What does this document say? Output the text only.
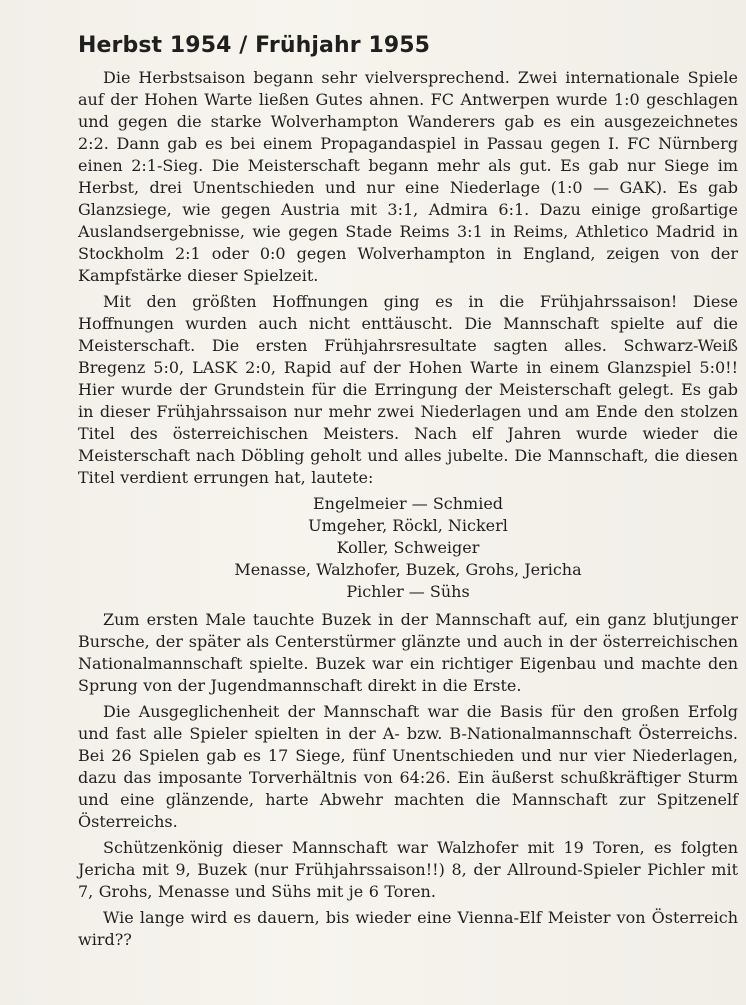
Herbst 1954 / Frühjahr 1955

Die Herbstsaison begann sehr vielversprechend. Zwei internationale Spiele auf der Hohen Warte ließen Gutes ahnen. FC Antwerpen wurde 1:0 geschlagen und gegen die starke Wolverhampton Wanderers gab es ein ausgezeichnetes 2:2. Dann gab es bei einem Propagandaspiel in Passau gegen I. FC Nürnberg einen 2:1-Sieg. Die Meisterschaft begann mehr als gut. Es gab nur Siege im Herbst, drei Unentschieden und nur eine Niederlage (1:0 — GAK). Es gab Glanzsiege, wie gegen Austria mit 3:1, Admira 6:1. Dazu einige großartige Auslandsergebnisse, wie gegen Stade Reims 3:1 in Reims, Athletico Madrid in Stockholm 2:1 oder 0:0 gegen Wolverhampton in England, zeigen von der Kampfstärke dieser Spielzeit.

Mit den größten Hoffnungen ging es in die Frühjahrssaison! Diese Hoffnungen wurden auch nicht enttäuscht. Die Mannschaft spielte auf die Meisterschaft. Die ersten Frühjahrsresultate sagten alles. Schwarz-Weiß Bregenz 5:0, LASK 2:0, Rapid auf der Hohen Warte in einem Glanzspiel 5:0!! Hier wurde der Grundstein für die Erringung der Meisterschaft gelegt. Es gab in dieser Frühjahrssaison nur mehr zwei Niederlagen und am Ende den stolzen Titel des österreichischen Meisters. Nach elf Jahren wurde wieder die Meisterschaft nach Döbling geholt und alles jubelte. Die Mannschaft, die diesen Titel verdient errungen hat, lautete:

Engelmeier — Schmied
Umgeher, Röckl, Nickerl
Koller, Schweiger
Menasse, Walzhofer, Buzek, Grohs, Jericha
Pichler — Sühs

Zum ersten Male tauchte Buzek in der Mannschaft auf, ein ganz blutjunger Bursche, der später als Centerstürmer glänzte und auch in der österreichischen Nationalmannschaft spielte. Buzek war ein richtiger Eigenbau und machte den Sprung von der Jugendmannschaft direkt in die Erste.

Die Ausgeglichenheit der Mannschaft war die Basis für den großen Erfolg und fast alle Spieler spielten in der A- bzw. B-Nationalmannschaft Österreichs. Bei 26 Spielen gab es 17 Siege, fünf Unentschieden und nur vier Niederlagen, dazu das imposante Torverhältnis von 64:26. Ein äußerst schußkräftiger Sturm und eine glänzende, harte Abwehr machten die Mannschaft zur Spitzenelf Österreichs.

Schützenkönig dieser Mannschaft war Walzhofer mit 19 Toren, es folgten Jericha mit 9, Buzek (nur Frühjahrssaison!!) 8, der Allround-Spieler Pichler mit 7, Grohs, Menasse und Sühs mit je 6 Toren.

Wie lange wird es dauern, bis wieder eine Vienna-Elf Meister von Österreich wird??
